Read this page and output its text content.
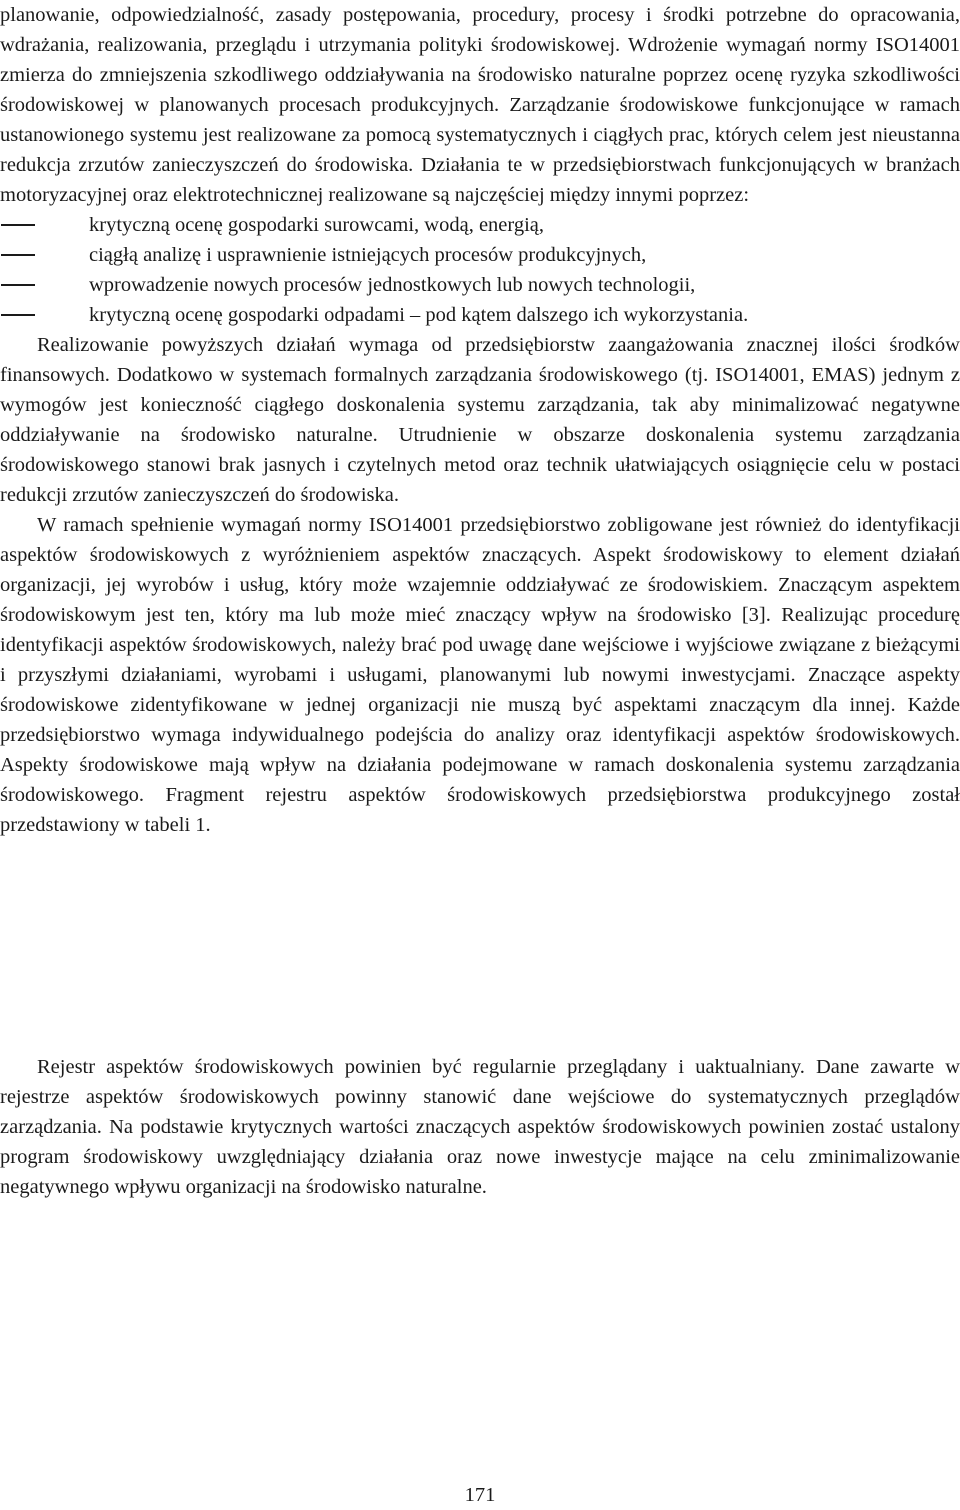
planowanie, odpowiedzialność, zasady postępowania, procedury, procesy i środki potrzebne do opracowania, wdrażania, realizowania, przeglądu i utrzymania polityki środowiskowej. Wdrożenie wymagań normy ISO14001 zmierza do zmniejszenia szkodliwego oddziaływania na środowisko naturalne poprzez ocenę ryzyka szkodliwości środowiskowej w planowanych procesach produkcyjnych. Zarządzanie środowiskowe funkcjonujące w ramach ustanowionego systemu jest realizowane za pomocą systematycznych i ciągłych prac, których celem jest nieustanna redukcja zrzutów zanieczyszczeń do środowiska. Działania te w przedsiębiorstwach funkcjonujących w branżach motoryzacyjnej oraz elektrotechnicznej realizowane są najczęściej między innymi poprzez:

krytyczną ocenę gospodarki surowcami, wodą, energią,
ciągłą analizę i usprawnienie istniejących procesów produkcyjnych,
wprowadzenie nowych procesów jednostkowych lub nowych technologii,
krytyczną ocenę gospodarki odpadami – pod kątem dalszego ich wykorzystania.

Realizowanie powyższych działań wymaga od przedsiębiorstw zaangażowania znacznej ilości środków finansowych. Dodatkowo w systemach formalnych zarządzania środowiskowego (tj. ISO14001, EMAS) jednym z wymogów jest konieczność ciągłego doskonalenia systemu zarządzania, tak aby minimalizować negatywne oddziaływanie na środowisko naturalne. Utrudnienie w obszarze doskonalenia systemu zarządzania środowiskowego stanowi brak jasnych i czytelnych metod oraz technik ułatwiających osiągnięcie celu w postaci redukcji zrzutów zanieczyszczeń do środowiska.

W ramach spełnienie wymagań normy ISO14001 przedsiębiorstwo zobligowane jest również do identyfikacji aspektów środowiskowych z wyróżnieniem aspektów znaczących. Aspekt środowiskowy to element działań organizacji, jej wyrobów i usług, który może wzajemnie oddziaływać ze środowiskiem. Znaczącym aspektem środowiskowym jest ten, który ma lub może mieć znaczący wpływ na środowisko [3]. Realizując procedurę identyfikacji aspektów środowiskowych, należy brać pod uwagę dane wejściowe i wyjściowe związane z bieżącymi i przyszłymi działaniami, wyrobami i usługami, planowanymi lub nowymi inwestycjami. Znaczące aspekty środowiskowe zidentyfikowane w jednej organizacji nie muszą być aspektami znaczącym dla innej. Każde przedsiębiorstwo wymaga indywidualnego podejścia do analizy oraz identyfikacji aspektów środowiskowych. Aspekty środowiskowe mają wpływ na działania podejmowane w ramach doskonalenia systemu zarządzania środowiskowego. Fragment rejestru aspektów środowiskowych przedsiębiorstwa produkcyjnego został przedstawiony w tabeli 1.

Rejestr aspektów środowiskowych powinien być regularnie przeglądany i uaktualniany. Dane zawarte w rejestrze aspektów środowiskowych powinny stanowić dane wejściowe do systematycznych przeglądów zarządzania. Na podstawie krytycznych wartości znaczących aspektów środowiskowych powinien zostać ustalony program środowiskowy uwzględniający działania oraz nowe inwestycje mające na celu zminimalizowanie negatywnego wpływu organizacji na środowisko naturalne.

171
